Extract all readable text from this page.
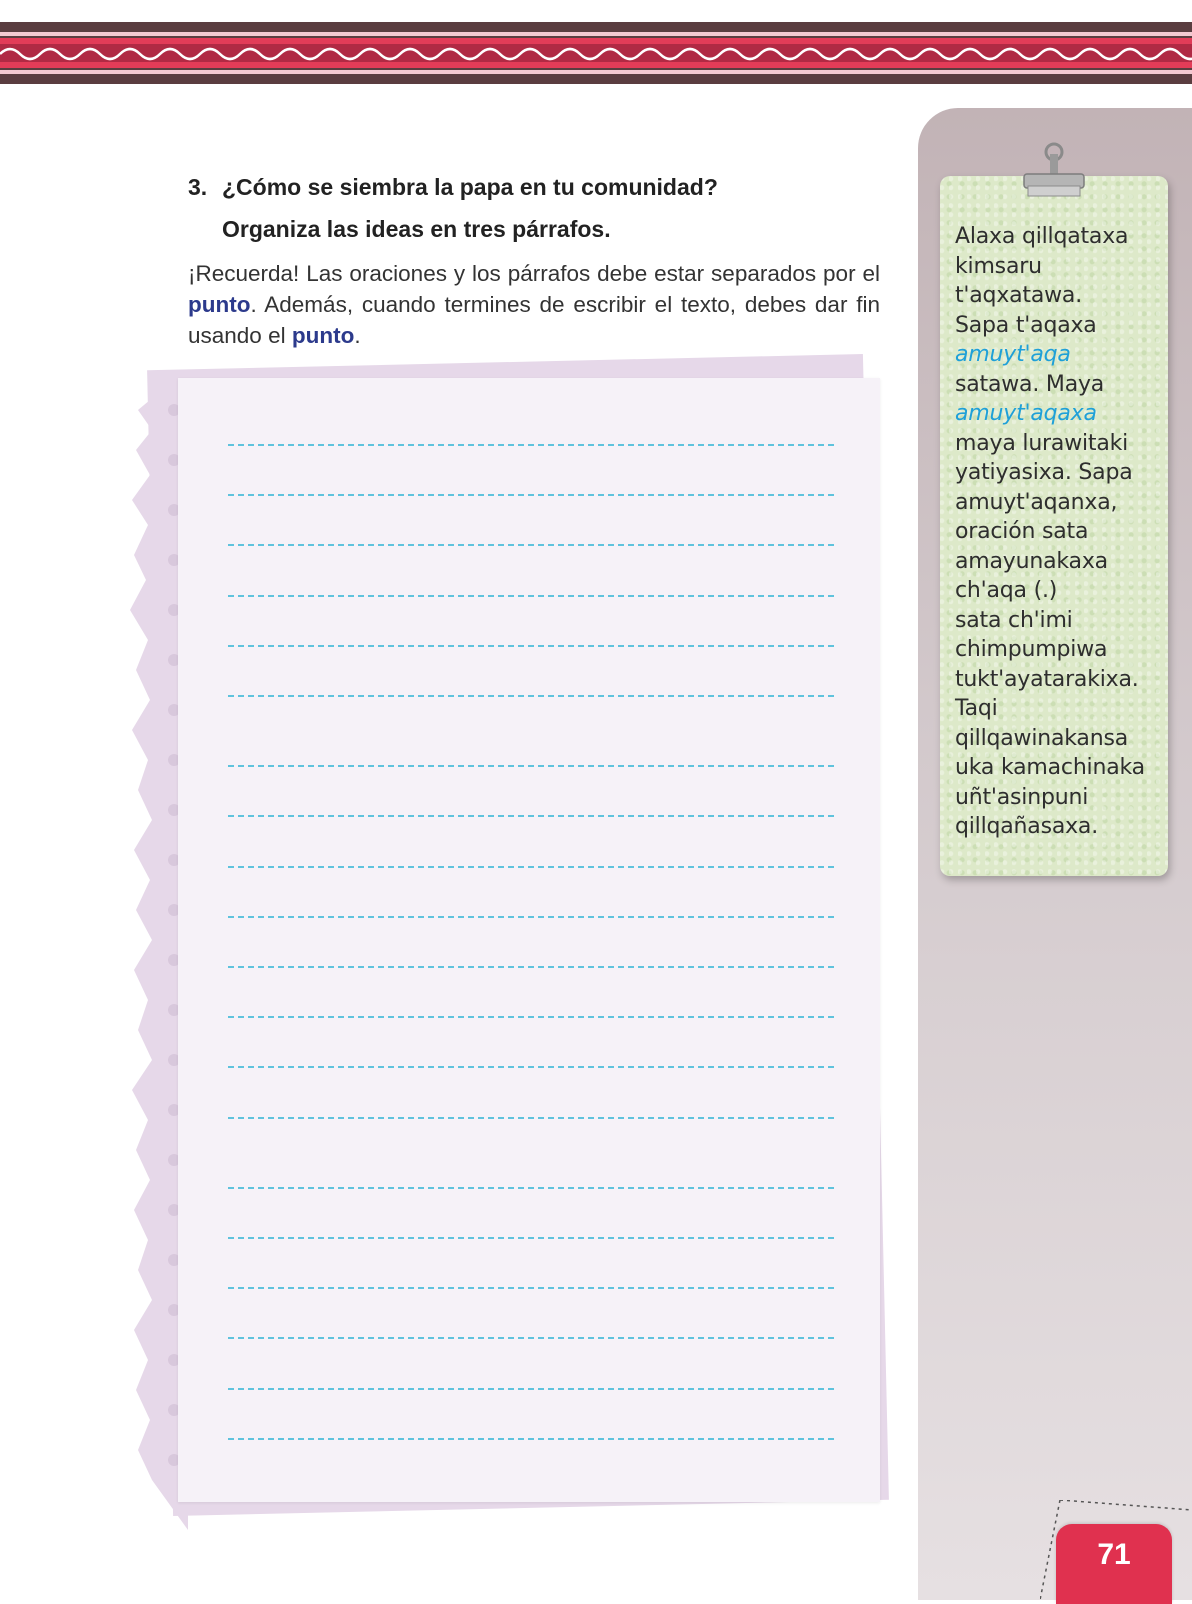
Alaxa qillqataxa
kimsaru
t'aqxatawa.
Sapa t'aqaxa
amuyt'aqa
satawa. Maya
amuyt'aqaxa
maya lurawitaki
yatiyasixa. Sapa
amuyt'aqanxa,
oración sata
amayunakaxa
ch'aqa (.)
sata ch'imi
chimpumpiwa
tukt'ayatarakixa.
Taqi
qillqawinakansa
uka kamachinaka
uñt'asinpuni
qillqañasaxa.
3. ¿Cómo se siembra la papa en tu comunidad?
Organiza las ideas en tres párrafos.
¡Recuerda! Las oraciones y los párrafos debe estar separados por el punto. Además, cuando termines de escribir el texto, debes dar fin usando el punto.
71
